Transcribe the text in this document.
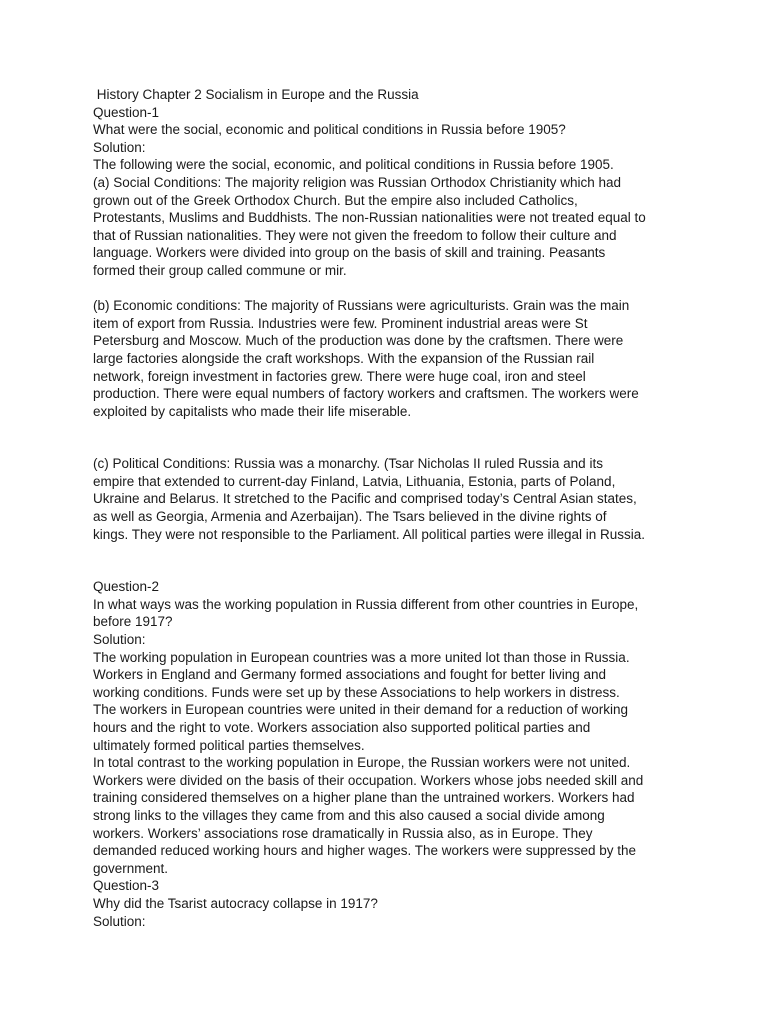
History Chapter 2 Socialism in Europe and the Russia
Question-1
What were the social, economic and political conditions in Russia before 1905?
Solution:
The following were the social, economic, and political conditions in Russia before 1905.
(a) Social Conditions: The majority religion was Russian Orthodox Christianity which had
grown out of the Greek Orthodox Church. But the empire also included Catholics,
Protestants, Muslims and Buddhists. The non-Russian nationalities were not treated equal to
that of Russian nationalities. They were not given the freedom to follow their culture and
language. Workers were divided into group on the basis of skill and training. Peasants
formed their group called commune or mir.
(b) Economic conditions: The majority of Russians were agriculturists. Grain was the main
item of export from Russia. Industries were few. Prominent industrial areas were St
Petersburg and Moscow. Much of the production was done by the craftsmen. There were
large factories alongside the craft workshops. With the expansion of the Russian rail
network, foreign investment in factories grew. There were huge coal, iron and steel
production. There were equal numbers of factory workers and craftsmen. The workers were
exploited by capitalists who made their life miserable.
(c) Political Conditions: Russia was a monarchy. (Tsar Nicholas II ruled Russia and its
empire that extended to current-day Finland, Latvia, Lithuania, Estonia, parts of Poland,
Ukraine and Belarus. It stretched to the Pacific and comprised today’s Central Asian states,
as well as Georgia, Armenia and Azerbaijan). The Tsars believed in the divine rights of
kings. They were not responsible to the Parliament. All political parties were illegal in Russia.
Question-2
In what ways was the working population in Russia different from other countries in Europe,
before 1917?
Solution:
The working population in European countries was a more united lot than those in Russia.
Workers in England and Germany formed associations and fought for better living and
working conditions. Funds were set up by these Associations to help workers in distress.
The workers in European countries were united in their demand for a reduction of working
hours and the right to vote. Workers association also supported political parties and
ultimately formed political parties themselves.
In total contrast to the working population in Europe, the Russian workers were not united.
Workers were divided on the basis of their occupation. Workers whose jobs needed skill and
training considered themselves on a higher plane than the untrained workers. Workers had
strong links to the villages they came from and this also caused a social divide among
workers. Workers’ associations rose dramatically in Russia also, as in Europe. They
demanded reduced working hours and higher wages. The workers were suppressed by the
government.
Question-3
Why did the Tsarist autocracy collapse in 1917?
Solution:
